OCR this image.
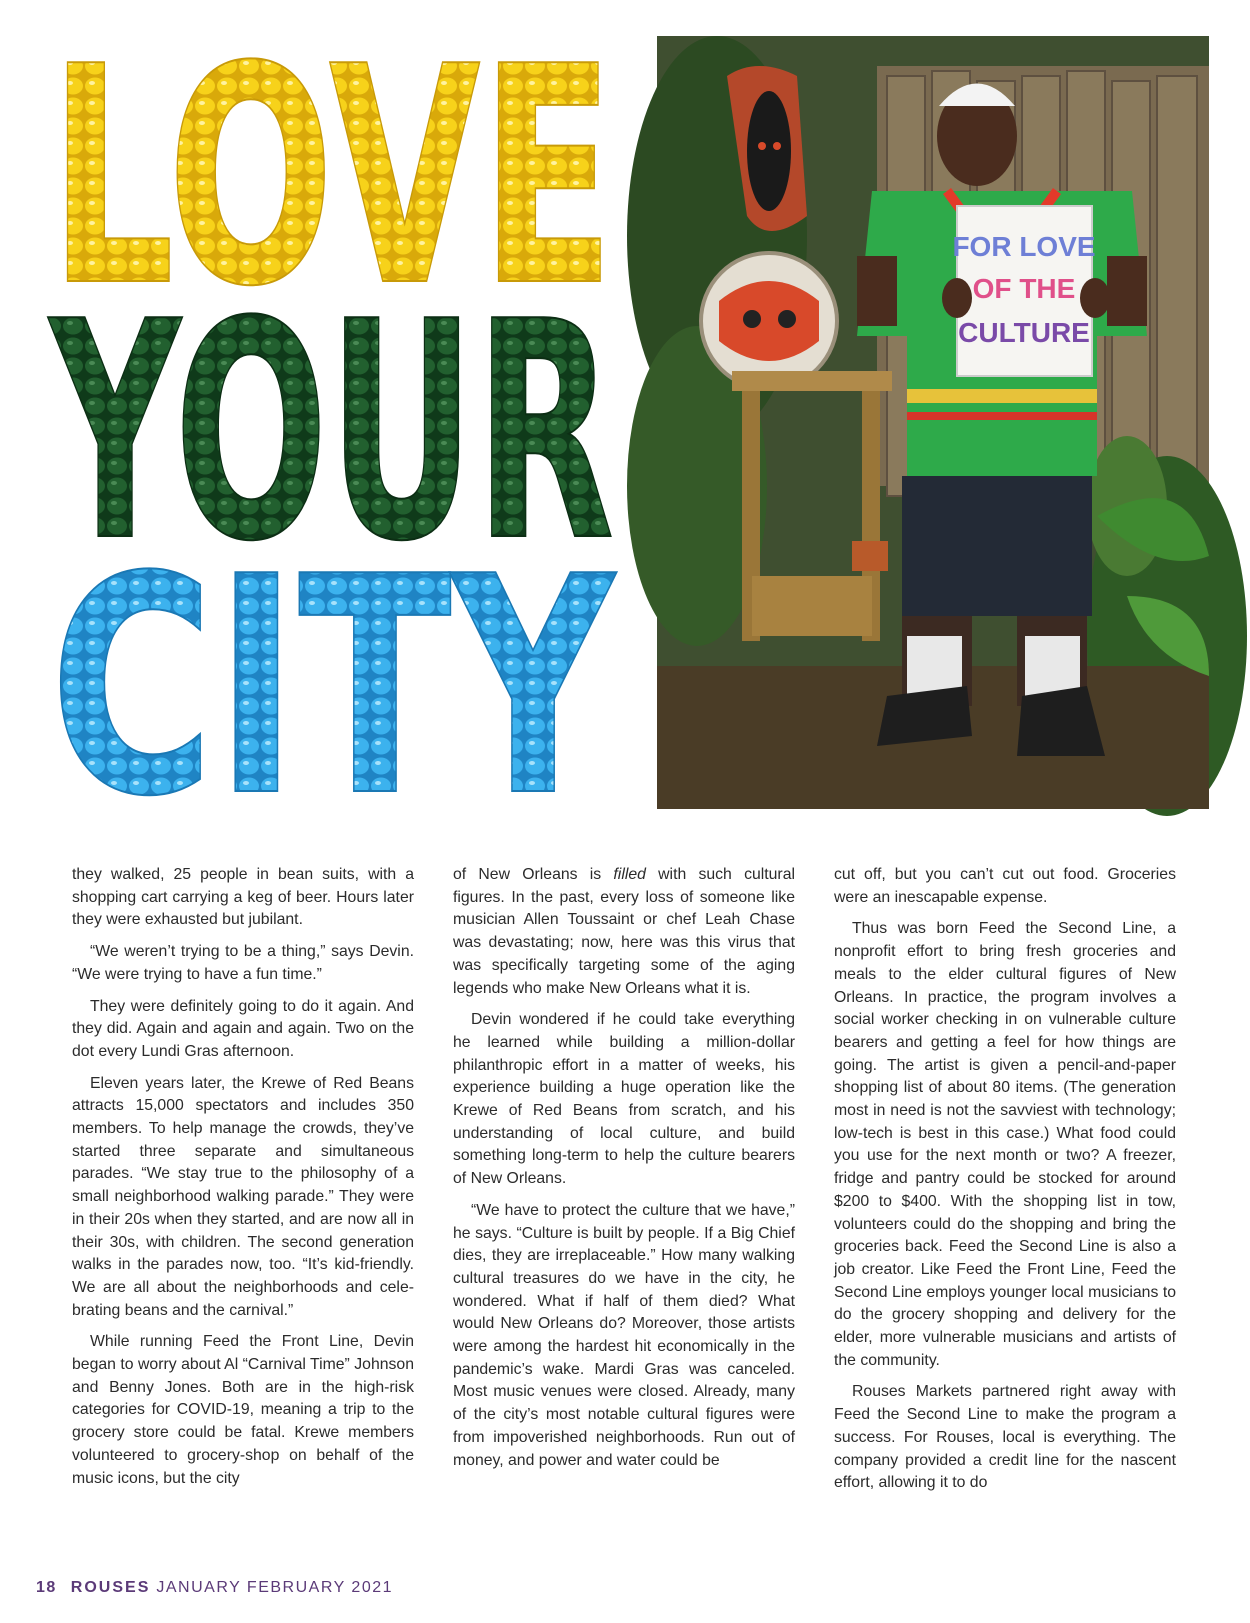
LOVE
YOUR
CITY
FOR LOVE
OF THE
CULTURE

they walked, 25 people in bean suits, with a shopping cart carrying a keg of beer. Hours later they were exhausted but jubilant.

“We weren’t trying to be a thing,” says Devin. “We were trying to have a fun time.”

They were definitely going to do it again. And they did. Again and again and again. Two on the dot every Lundi Gras afternoon.

Eleven years later, the Krewe of Red Beans attracts 15,000 spectators and includes 350 members. To help manage the crowds, they’ve started three separate and simultaneous parades. “We stay true to the philosophy of a small neighborhood walking parade.” They were in their 20s when they started, and are now all in their 30s, with children. The second generation walks in the parades now, too. “It’s kid-friendly. We are all about the neighborhoods and cele-brating beans and the carnival.”

While running Feed the Front Line, Devin began to worry about Al “Carnival Time” Johnson and Benny Jones. Both are in the high-risk categories for COVID-19, meaning a trip to the grocery store could be fatal. Krewe members volunteered to grocery-shop on behalf of the music icons, but the city

of New Orleans is filled with such cultural figures. In the past, every loss of someone like musician Allen Toussaint or chef Leah Chase was devastating; now, here was this virus that was specifically targeting some of the aging legends who make New Orleans what it is.

Devin wondered if he could take everything he learned while building a million-dollar philanthropic effort in a matter of weeks, his experience building a huge operation like the Krewe of Red Beans from scratch, and his understanding of local culture, and build something long-term to help the culture bearers of New Orleans.

“We have to protect the culture that we have,” he says. “Culture is built by people. If a Big Chief dies, they are irreplaceable.” How many walking cultural treasures do we have in the city, he wondered. What if half of them died? What would New Orleans do? Moreover, those artists were among the hardest hit economically in the pandemic’s wake. Mardi Gras was canceled. Most music venues were closed. Already, many of the city’s most notable cultural figures were from impoverished neighborhoods. Run out of money, and power and water could be

cut off, but you can’t cut out food. Groceries were an inescapable expense.

Thus was born Feed the Second Line, a nonprofit effort to bring fresh groceries and meals to the elder cultural figures of New Orleans. In practice, the program involves a social worker checking in on vulnerable culture bearers and getting a feel for how things are going. The artist is given a pencil-and-paper shopping list of about 80 items. (The generation most in need is not the savviest with technology; low-tech is best in this case.) What food could you use for the next month or two? A freezer, fridge and pantry could be stocked for around $200 to $400. With the shopping list in tow, volunteers could do the shopping and bring the groceries back. Feed the Second Line is also a job creator. Like Feed the Front Line, Feed the Second Line employs younger local musicians to do the grocery shopping and delivery for the elder, more vulnerable musicians and artists of the community.

Rouses Markets partnered right away with Feed the Second Line to make the program a success. For Rouses, local is everything. The company provided a credit line for the nascent effort, allowing it to do

18 ROUSES JANUARY FEBRUARY 2021
